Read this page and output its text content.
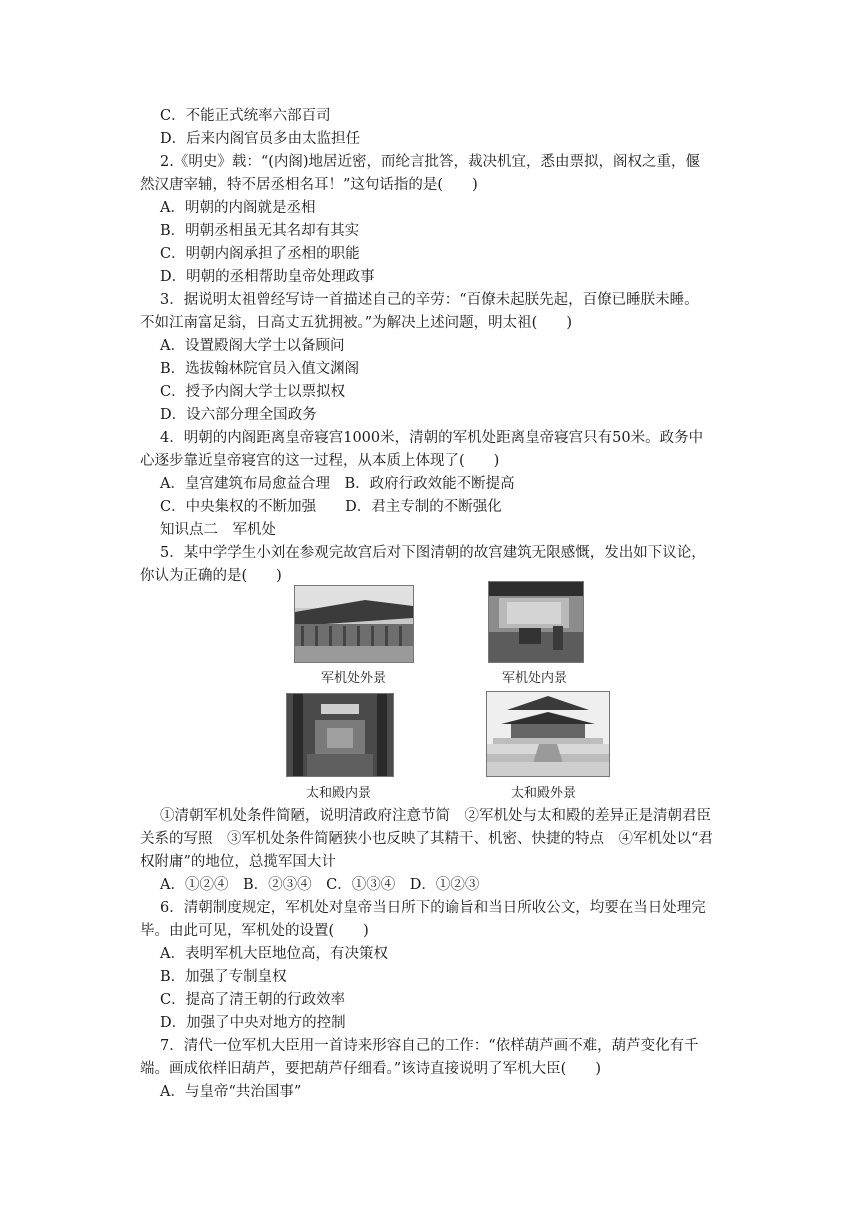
C．不能正式统率六部百司
D．后来内阁官员多由太监担任
2.《明史》载：“(内阁)地居近密，而纶言批答，裁决机宜，悉由票拟，阁权之重，偃
然汉唐宰辅，特不居丞相名耳！”这句话指的是(　　)
A．明朝的内阁就是丞相
B．明朝丞相虽无其名却有其实
C．明朝内阁承担了丞相的职能
D．明朝的丞相帮助皇帝处理政事
3．据说明太祖曾经写诗一首描述自己的辛劳：“百僚未起朕先起，百僚已睡朕未睡。
不如江南富足翁，日高丈五犹拥被。”为解决上述问题，明太祖(　　)
A．设置殿阁大学士以备顾问
B．选拔翰林院官员入值文渊阁
C．授予内阁大学士以票拟权
D．设六部分理全国政务
4．明朝的内阁距离皇帝寝宫1000米，清朝的军机处距离皇帝寝宫只有50米。政务中
心逐步靠近皇帝寝宫的这一过程，从本质上体现了(　　)
A．皇宫建筑布局愈益合理　B．政府行政效能不断提高
C．中央集权的不断加强　　D．君主专制的不断强化
知识点二　军机处
5．某中学学生小刘在参观完故宫后对下图清朝的故宫建筑无限感慨，发出如下议论，
你认为正确的是(　　)
军机处外景	军机处内景
太和殿内景	太和殿外景
①清朝军机处条件简陋，说明清政府注意节简　②军机处与太和殿的差异正是清朝君臣
关系的写照　③军机处条件简陋狭小也反映了其精干、机密、快捷的特点　④军机处以“君
权附庸”的地位，总揽军国大计
A．①②④　B．②③④　C．①③④　D．①②③
6．清朝制度规定，军机处对皇帝当日所下的谕旨和当日所收公文，均要在当日处理完
毕。由此可见，军机处的设置(　　)
A．表明军机大臣地位高，有决策权
B．加强了专制皇权
C．提高了清王朝的行政效率
D．加强了中央对地方的控制
7．清代一位军机大臣用一首诗来形容自己的工作：“依样葫芦画不难，葫芦变化有千
端。画成依样旧葫芦，要把葫芦仔细看。”该诗直接说明了军机大臣(　　)
A．与皇帝“共治国事”
